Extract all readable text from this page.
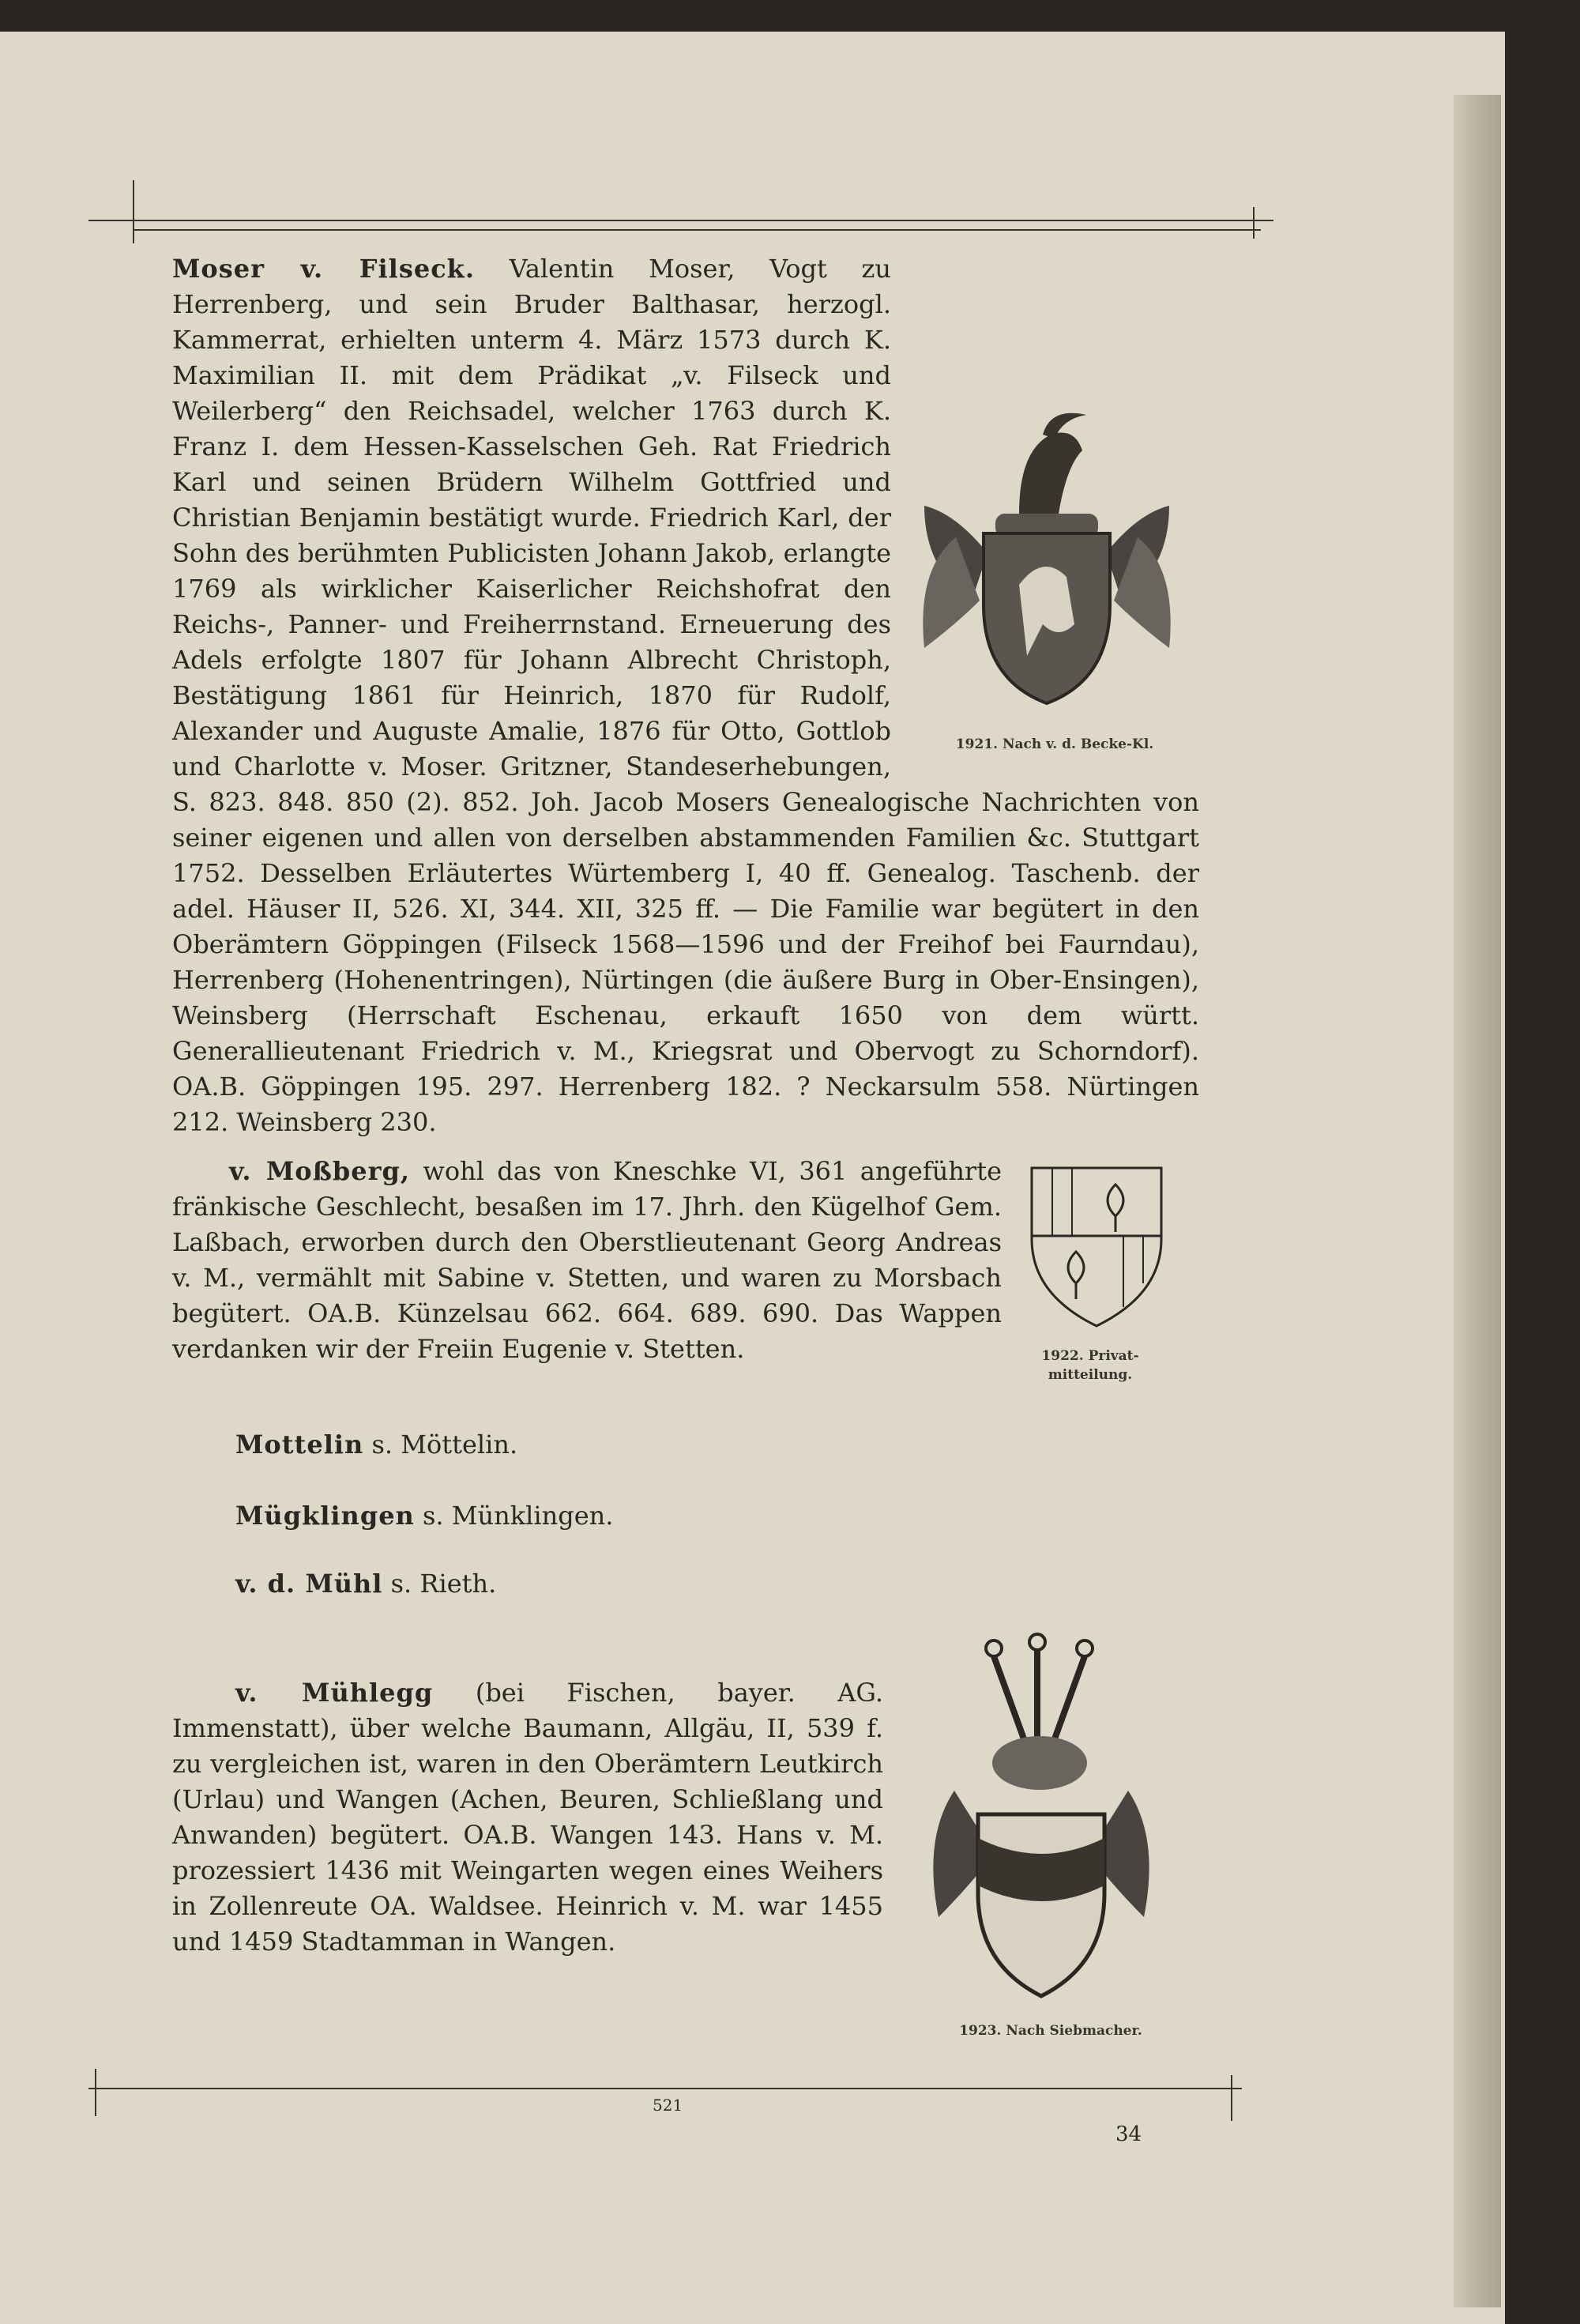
Moser v. Filseck. Valentin Moser, Vogt zu Herrenberg, und sein Bruder Balthasar, herzogl. Kammerrat, erhielten unterm 4. März 1573 durch K. Maximilian II. mit dem Prädikat „v. Filseck und Weilerberg“ den Reichsadel, welcher 1763 durch K. Franz I. dem Hessen-Kasselschen Geh. Rat Friedrich Karl und seinen Brüdern Wilhelm Gottfried und Christian Benjamin bestätigt wurde. Friedrich Karl, der Sohn des berühmten Publicisten Johann Jakob, erlangte 1769 als wirklicher Kaiserlicher Reichshofrat den Reichs-, Panner- und Freiherrnstand. Erneuerung des Adels erfolgte 1807 für Johann Albrecht Christoph, Bestätigung 1861 für Heinrich, 1870 für Rudolf, Alexander und Auguste Amalie, 1876 für Otto, Gottlob und Charlotte v. Moser. Gritzner, Standeserhebungen, S. 823. 848. 850 (2). 852. Joh. Jacob Mosers Genealogische Nachrichten von seiner eigenen und allen von derselben abstammenden Familien &c. Stuttgart 1752. Desselben Erläutertes Würtemberg I, 40 ff. Genealog. Taschenb. der adel. Häuser II, 526. XI, 344. XII, 325 ff. — Die Familie war begütert in den Oberämtern Göppingen (Filseck 1568—1596 und der Freihof bei Faurndau), Herrenberg (Hohenentringen), Nürtingen (die äußere Burg in Ober-Ensingen), Weinsberg (Herrschaft Eschenau, erkauft 1650 von dem württ. Generallieutenant Friedrich v. M., Kriegsrat und Obervogt zu Schorndorf). OA.B. Göppingen 195. 297. Herrenberg 182. ? Neckarsulm 558. Nürtingen 212. Weinsberg 230.
1921. Nach v. d. Becke-Kl.
v. Moßberg, wohl das von Kneschke VI, 361 angeführte fränkische Geschlecht, besaßen im 17. Jhrh. den Kügelhof Gem. Laßbach, erworben durch den Oberstlieutenant Georg Andreas v. M., vermählt mit Sabine v. Stetten, und waren zu Morsbach begütert. OA.B. Künzelsau 662. 664. 689. 690. Das Wappen verdanken wir der Freiin Eugenie v. Stetten.	1922. Privat-
mitteilung.
Mottelin s. Möttelin.
Mügklingen s. Münklingen.
v. d. Mühl s. Rieth.
v. Mühlegg (bei Fischen, bayer. AG. Immenstatt), über welche Baumann, Allgäu, II, 539 f. zu vergleichen ist, waren in den Oberämtern Leutkirch (Urlau) und Wangen (Achen, Beuren, Schließlang und Anwanden) begütert. OA.B. Wangen 143. Hans v. M. prozessiert 1436 mit Weingarten wegen eines Weihers in Zollenreute OA. Waldsee. Heinrich v. M. war 1455 und 1459 Stadtamman in Wangen.
1923. Nach Siebmacher.
521
34
